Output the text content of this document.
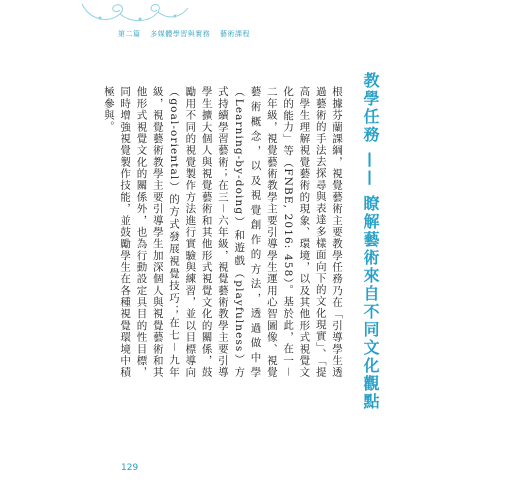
第二篇 多媒體學習與實務 藝術課程
教學任務 —— 瞭解藝術來自不同文化觀點

根據芬蘭課綱，視覺藝術主要教學任務乃在「引導學生透過藝術的手法去探尋與表達多樣面向下的文化現實」、「提高學生理解視覺藝術的現象、環境，以及其他形式視覺文化的能力」等（FNBE, 2016: 458）。基於此，在一－二年級，視覺藝術教學主要引導學生運用心智圖像、視覺藝術概念，以及視覺創作的方法，透過做中學（Learning-by-doing）和遊戲（playfulness）方式持續學習藝術；在三－六年級，視覺藝術教學主要引導學生擴大個人與視覺藝術和其他形式視覺文化的關係，鼓勵用不同的視覺製作方法進行實驗與練習，並以目標導向（goal-oriental）的方式發展視覺技巧；在七－九年級，視覺藝術教學主要引導學生加深個人與視覺藝術和其他形式視覺文化的關係外，也為行動設定具目的性目標，同時增強視覺製作技能，並鼓勵學生在各種視覺環境中積極參與。

129
